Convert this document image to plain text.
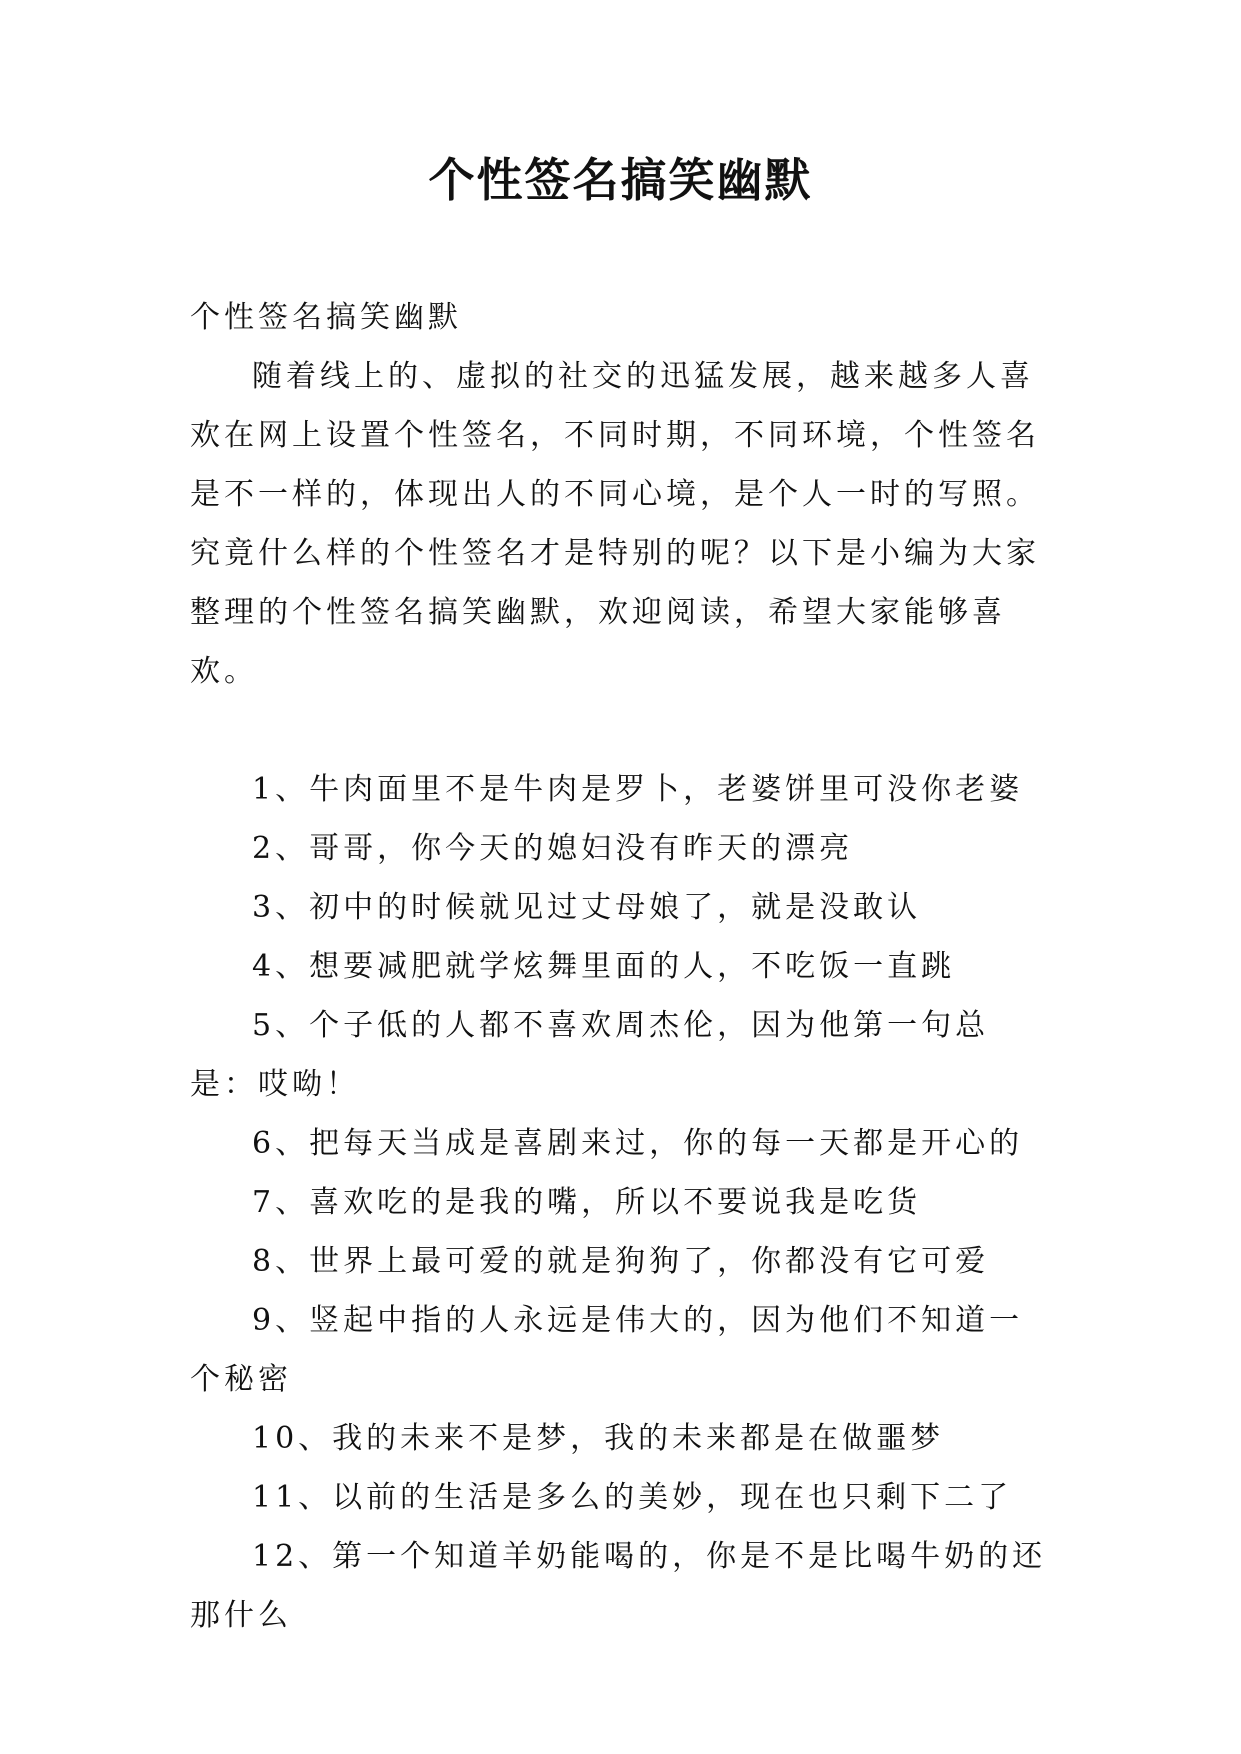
个性签名搞笑幽默

个性签名搞笑幽默

随着线上的、虚拟的社交的迅猛发展，越来越多人喜欢在网上设置个性签名，不同时期，不同环境，个性签名是不一样的，体现出人的不同心境，是个人一时的写照。究竟什么样的个性签名才是特别的呢？以下是小编为大家整理的个性签名搞笑幽默，欢迎阅读，希望大家能够喜欢。

1、牛肉面里不是牛肉是罗卜，老婆饼里可没你老婆

2、哥哥，你今天的媳妇没有昨天的漂亮

3、初中的时候就见过丈母娘了，就是没敢认

4、想要减肥就学炫舞里面的人，不吃饭一直跳

5、个子低的人都不喜欢周杰伦，因为他第一句总是：哎呦！

6、把每天当成是喜剧来过，你的每一天都是开心的

7、喜欢吃的是我的嘴，所以不要说我是吃货

8、世界上最可爱的就是狗狗了，你都没有它可爱

9、竖起中指的人永远是伟大的，因为他们不知道一个秘密

10、我的未来不是梦，我的未来都是在做噩梦

11、以前的生活是多么的美妙，现在也只剩下二了

12、第一个知道羊奶能喝的，你是不是比喝牛奶的还那什么
